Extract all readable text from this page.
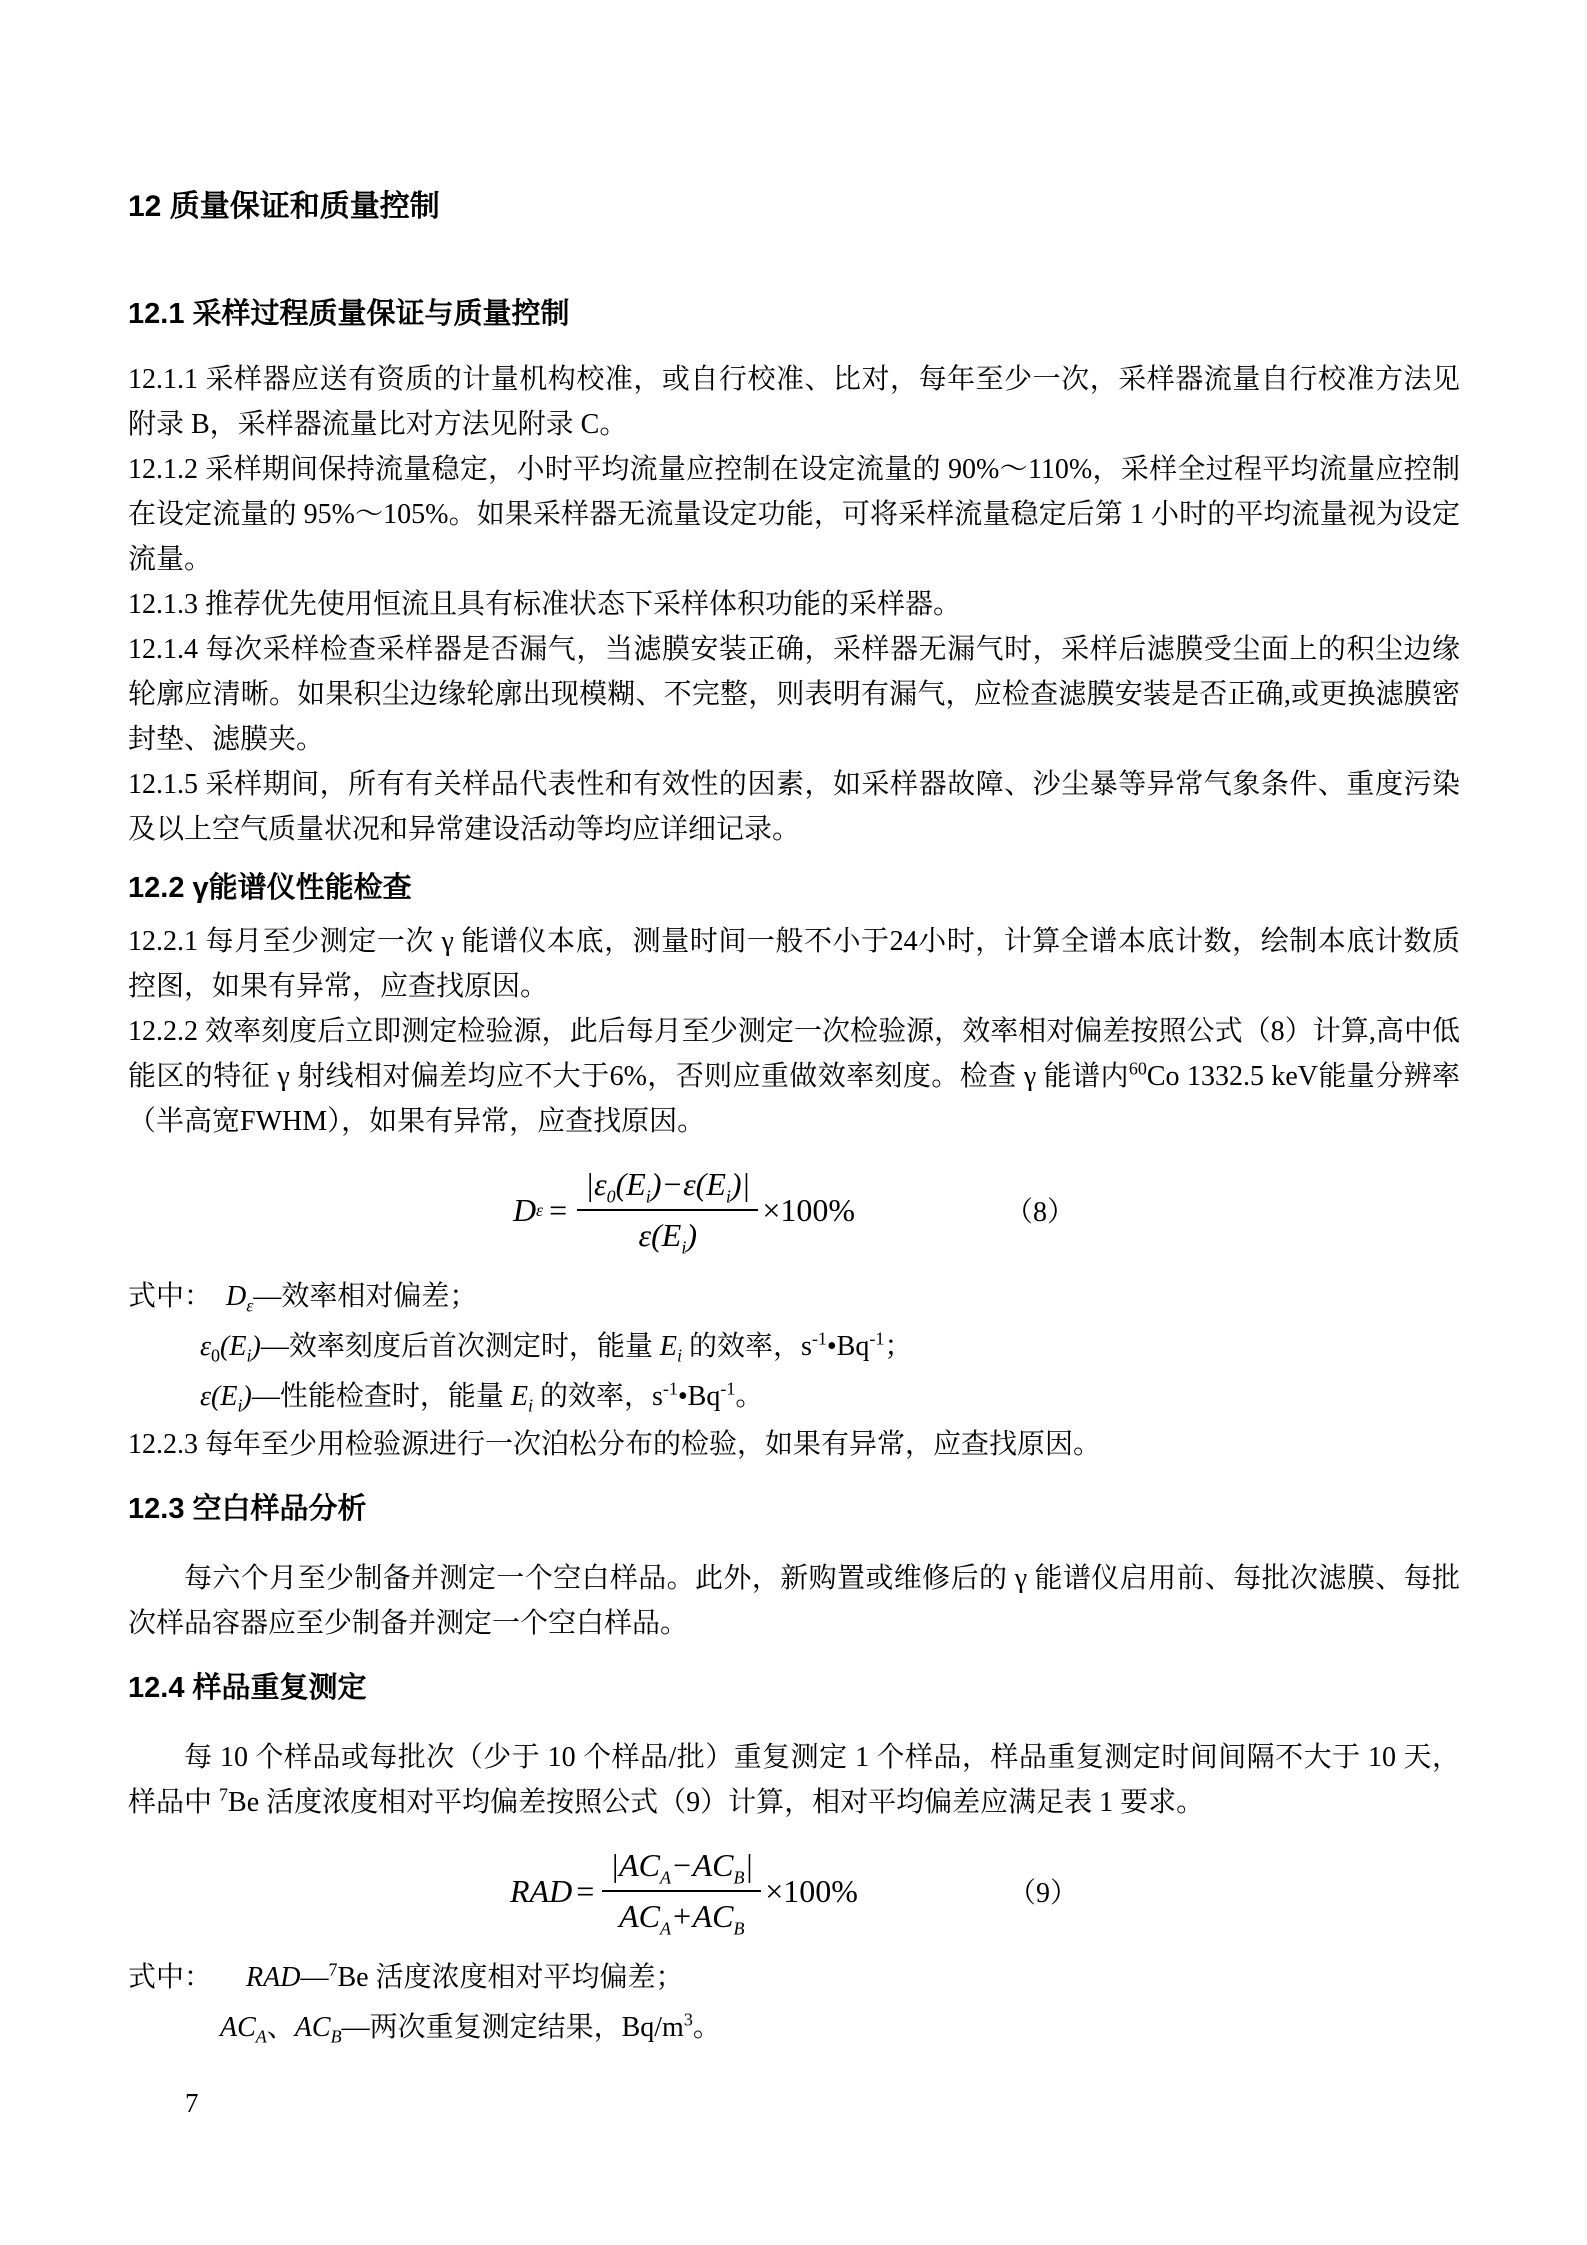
12 质量保证和质量控制
12.1 采样过程质量保证与质量控制

12.1.1 采样器应送有资质的计量机构校准，或自行校准、比对，每年至少一次，采样器流量自行校准方法见附录 B，采样器流量比对方法见附录 C。

12.1.2 采样期间保持流量稳定，小时平均流量应控制在设定流量的 90%～110%，采样全过程平均流量应控制在设定流量的 95%～105%。如果采样器无流量设定功能，可将采样流量稳定后第 1 小时的平均流量视为设定流量。

12.1.3 推荐优先使用恒流且具有标准状态下采样体积功能的采样器。

12.1.4 每次采样检查采样器是否漏气，当滤膜安装正确，采样器无漏气时，采样后滤膜受尘面上的积尘边缘轮廓应清晰。如果积尘边缘轮廓出现模糊、不完整，则表明有漏气，应检查滤膜安装是否正确,或更换滤膜密封垫、滤膜夹。

12.1.5 采样期间，所有有关样品代表性和有效性的因素，如采样器故障、沙尘暴等异常气象条件、重度污染及以上空气质量状况和异常建设活动等均应详细记录。

12.2 γ能谱仪性能检查

12.2.1 每月至少测定一次 γ 能谱仪本底，测量时间一般不小于24小时，计算全谱本底计数，绘制本底计数质控图，如果有异常，应查找原因。

12.2.2 效率刻度后立即测定检验源，此后每月至少测定一次检验源，效率相对偏差按照公式（8）计算,高中低能区的特征 γ 射线相对偏差均应不大于6%，否则应重做效率刻度。检查 γ 能谱内$^{60}$Co 1332.5 keV能量分辨率（半高宽FWHM），如果有异常，应查找原因。

D $\varepsilon = \frac{|\varepsilon_0(E_i)-\varepsilon(E_i)|}{\varepsilon(E_i)} \times 100\%$	（8）

式中： $D_\varepsilon—$效率相对偏差；

$\varepsilon_0(E_i)—$效率刻度后首次测定时，能量 $E_i$ 的效率，$s^{-1}•Bq^{-1}$；

$\varepsilon(E_i)—$性能检查时，能量 $E_i$ 的效率，$s^{-1}•Bq^{-1}$。

12.2.3 每年至少用检验源进行一次泊松分布的检验，如果有异常，应查找原因。

12.3 空白样品分析

每六个月至少制备并测定一个空白样品。此外，新购置或维修后的 γ 能谱仪启用前、每批次滤膜、每批次样品容器应至少制备并测定一个空白样品。

12.4 样品重复测定

每 10 个样品或每批次（少于 10 个样品/批）重复测定 1 个样品，样品重复测定时间间隔不大于 10 天，样品中 $^7$Be 活度浓度相对平均偏差按照公式（9）计算，相对平均偏差应满足表 1 要求。

RAD = $\frac{|AC_A-AC_B|}{AC_A+AC_B} \times 100\%$	（9）

式中： RAD—$^7$Be 活度浓度相对平均偏差；

$AC_A$、$AC_B—$两次重复测定结果，$Bq/m^3$。

7
